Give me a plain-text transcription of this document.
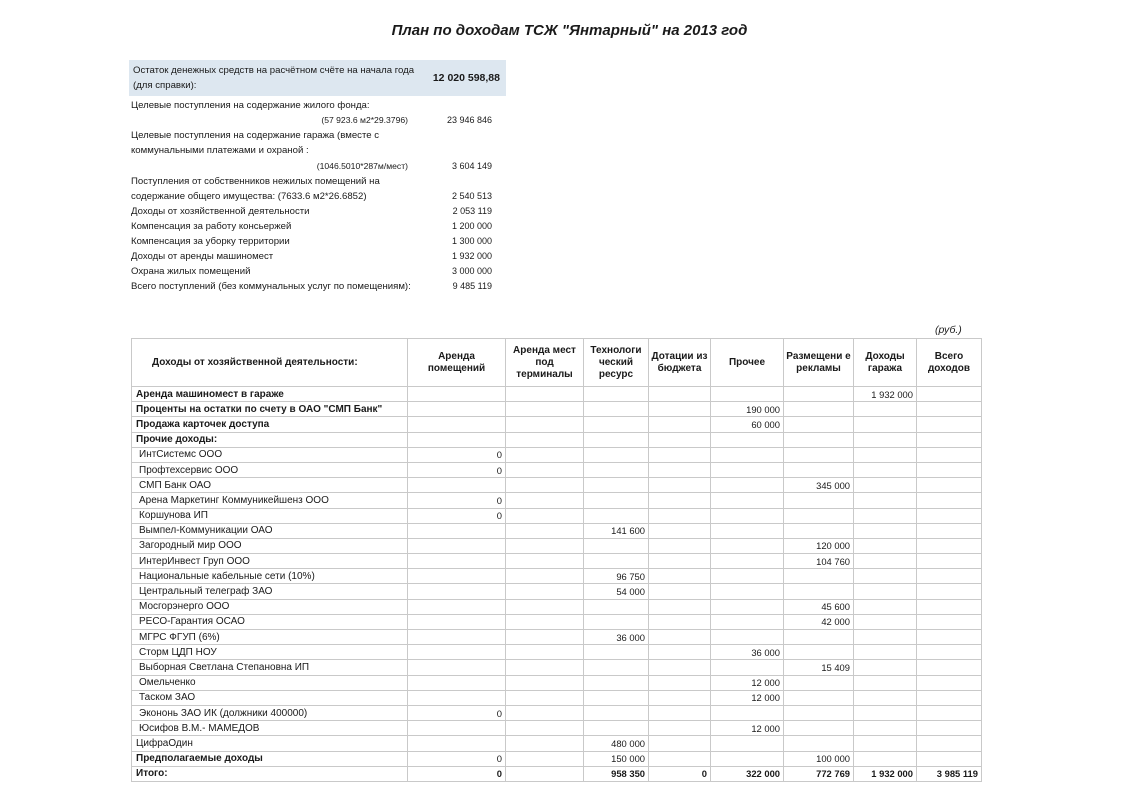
План по доходам ТСЖ "Янтарный" на 2013 год
Остаток денежных средств на расчётном счёте на начала года (для справки):
12 020 598,88
Целевые поступления на содержание жилого фонда:
(57 923.6 м2*29.3796)	23 946 846
Целевые поступления на содержание гаража (вместе с коммунальными платежами и охраной :
(1046.5010*287м/мест)	3 604 149
Поступления от собственников нежилых помещений на содержание общего имущества: (7633.6 м2*26.6852)	2 540 513
Доходы от хозяйственной деятельности	2 053 119
Компенсация за работу консьержей	1 200 000
Компенсация за уборку территории	1 300 000
Доходы от аренды машиномест	1 932 000
Охрана жилых помещений	3 000 000
Всего поступлений (без коммунальных услуг по помещениям):	9 485 119
(руб.)
Доходы от хозяйственной деятельности:	Аренда помещений	Аренда мест под терминалы	Технологи ческий ресурс	Дотации из бюджета	Прочее	Размещени е рекламы	Доходы гаража	Всего доходов
Аренда машиномест в гараже							1 932 000	
Проценты на остатки по счету в ОАО "СМП Банк"					190 000			
Продажа карточек доступа					60 000			
Прочие доходы:								
ИнтСистемс ООО	0							
Профтехсервис ООО	0							
СМП Банк ОАО						345 000		
Арена Маркетинг Коммуникейшенз ООО	0							
Коршунова ИП	0							
Вымпел-Коммуникации ОАО			141 600					
Загородный мир ООО						120 000		
ИнтерИнвест Груп ООО						104 760		
Национальные кабельные сети (10%)			96 750					
Центральный телеграф ЗАО			54 000					
Мосгорэнерго ООО						45 600		
РЕСО-Гарантия ОСАО						42 000		
МГРС ФГУП (6%)			36 000					
Сторм ЦДП НОУ					36 000			
Выборная Светлана Степановна ИП						15 409		
Омельченко					12 000			
Таском ЗАО					12 000			
Экононь ЗАО ИК (должники 400000)	0							
Юсифов В.М.- МАМЕДОВ					12 000			
ЦифраОдин			480 000					
Предполагаемые доходы	0		150 000			100 000		
Итого:	0		958 350	0	322 000	772 769	1 932 000	3 985 119
